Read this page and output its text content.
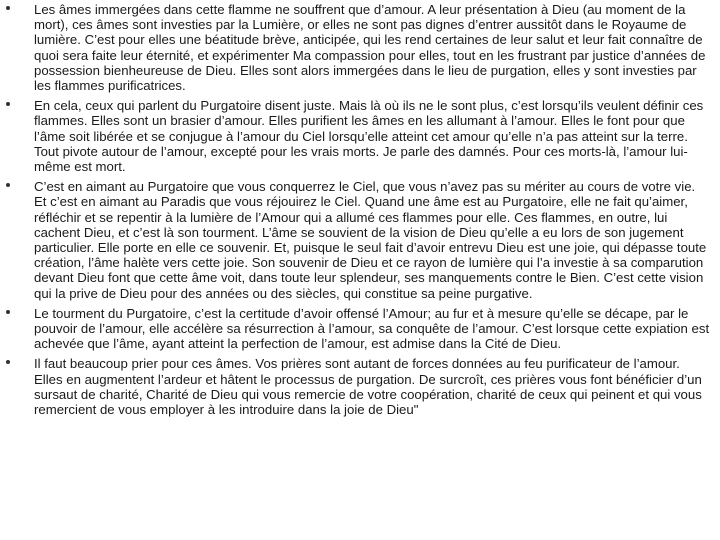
Les âmes immergées dans cette flamme ne souffrent que d’amour. A leur présentation à Dieu (au moment de la mort), ces âmes sont investies par la Lumière, or elles ne sont pas dignes d’entrer aussitôt dans le Royaume de lumière. C’est pour elles une béatitude brève, anticipée, qui les rend certaines de leur salut et leur fait connaître de quoi sera faite leur éternité, et expérimenter Ma compassion pour elles, tout en les frustrant par justice d’années de possession bienheureuse de Dieu. Elles sont alors immergées dans le lieu de purgation, elles y sont investies par les flammes purificatrices.
En cela, ceux qui parlent du Purgatoire disent juste. Mais là où ils ne le sont plus, c’est lorsqu’ils veulent définir ces flammes. Elles sont un brasier d’amour. Elles purifient les âmes en les allumant à l’amour. Elles le font pour que l’âme soit libérée et se conjugue à l’amour du Ciel lorsqu’elle atteint cet amour qu’elle n’a pas atteint sur la terre. Tout pivote autour de l’amour, excepté pour les vrais morts. Je parle des damnés. Pour ces morts-là, l’amour lui-même est mort.
C’est en aimant au Purgatoire que vous conquerrez le Ciel, que vous n’avez pas su mériter au cours de votre vie. Et c’est en aimant au Paradis que vous réjouirez le Ciel. Quand une âme est au Purgatoire, elle ne fait qu’aimer, réfléchir et se repentir à la lumière de l’Amour qui a allumé ces flammes pour elle. Ces flammes, en outre, lui cachent Dieu, et c’est là son tourment. L’âme se souvient de la vision de Dieu qu’elle a eu lors de son jugement particulier. Elle porte en elle ce souvenir. Et, puisque le seul fait d’avoir entrevu Dieu est une joie, qui dépasse toute création, l’âme halète vers cette joie. Son souvenir de Dieu et ce rayon de lumière qui l’a investie à sa comparution devant Dieu font que cette âme voit, dans toute leur splendeur, ses manquements contre le Bien. C’est cette vision qui la prive de Dieu pour des années ou des siècles, qui constitue sa peine purgative.
Le tourment du Purgatoire, c’est la certitude d’avoir offensé l’Amour; au fur et à mesure qu’elle se décape, par le pouvoir de l’amour, elle accélère sa résurrection à l’amour, sa conquête de l’amour. C’est lorsque cette expiation est achevée que l’âme, ayant atteint la perfection de l’amour, est admise dans la Cité de Dieu.
Il faut beaucoup prier pour ces âmes. Vos prières sont autant de forces données au feu purificateur de l’amour. Elles en augmentent l’ardeur et hâtent le processus de purgation. De surcroît, ces prières vous font bénéficier d’un sursaut de charité, Charité de Dieu qui vous remercie de votre coopération, charité de ceux qui peinent et qui vous remercient de vous employer à les introduire dans la joie de Dieu"
